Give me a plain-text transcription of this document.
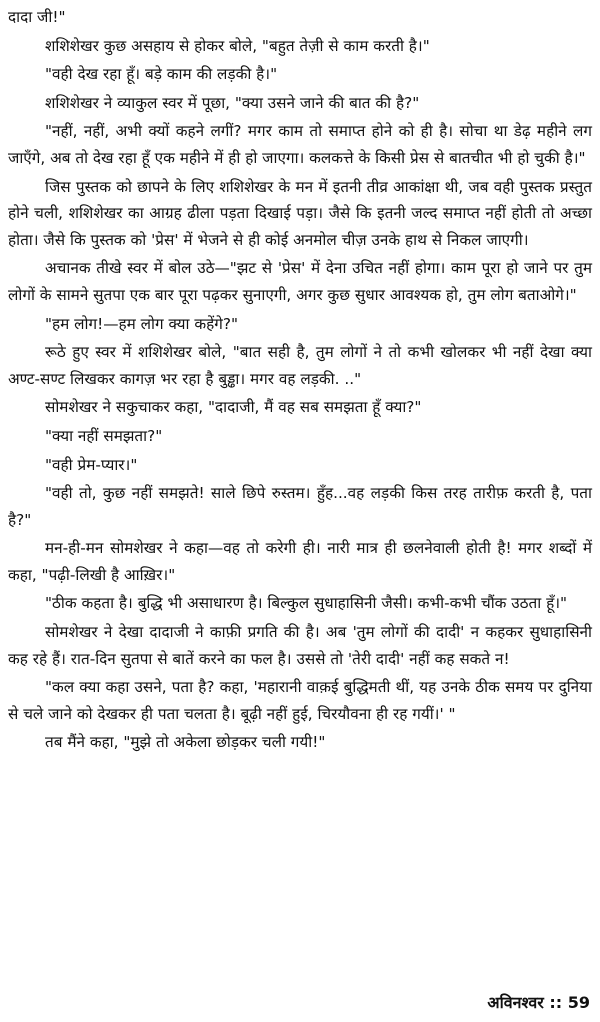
दादा जी!"

शशिशेखर कुछ असहाय से होकर बोले, "बहुत तेज़ी से काम करती है।"

"वही देख रहा हूँ। बड़े काम की लड़की है।"

शशिशेखर ने व्याकुल स्वर में पूछा, "क्या उसने जाने की बात की है?"

"नहीं, नहीं, अभी क्यों कहने लगीं? मगर काम तो समाप्त होने को ही है। सोचा था डेढ़ महीने लग जाएँगे, अब तो देख रहा हूँ एक महीने में ही हो जाएगा। कलकत्ते के किसी प्रेस से बातचीत भी हो चुकी है।"

जिस पुस्तक को छापने के लिए शशिशेखर के मन में इतनी तीव्र आकांक्षा थी, जब वही पुस्तक प्रस्तुत होने चली, शशिशेखर का आग्रह ढीला पड़ता दिखाई पड़ा। जैसे कि इतनी जल्द समाप्त नहीं होती तो अच्छा होता। जैसे कि पुस्तक को 'प्रेस' में भेजने से ही कोई अनमोल चीज़ उनके हाथ से निकल जाएगी।

अचानक तीखे स्वर में बोल उठे—"झट से 'प्रेस' में देना उचित नहीं होगा। काम पूरा हो जाने पर तुम लोगों के सामने सुतपा एक बार पूरा पढ़कर सुनाएगी, अगर कुछ सुधार आवश्यक हो, तुम लोग बताओगे।"

"हम लोग!—हम लोग क्या कहेंगे?"

रूठे हुए स्वर में शशिशेखर बोले, "बात सही है, तुम लोगों ने तो कभी खोलकर भी नहीं देखा क्या अण्ट-सण्ट लिखकर कागज़ भर रहा है बुड्ढा। मगर वह लड़की. .."

सोमशेखर ने सकुचाकर कहा, "दादाजी, मैं वह सब समझता हूँ क्या?"

"क्या नहीं समझता?"

"वही प्रेम-प्यार।"

"वही तो, कुछ नहीं समझते! साले छिपे रुस्तम। हुँह...वह लड़की किस तरह तारीफ़ करती है, पता है?"

मन-ही-मन सोमशेखर ने कहा—वह तो करेगी ही। नारी मात्र ही छलनेवाली होती है! मगर शब्दों में कहा, "पढ़ी-लिखी है आख़िर।"

"ठीक कहता है। बुद्धि भी असाधारण है। बिल्कुल सुधाहासिनी जैसी। कभी-कभी चौंक उठता हूँ।"

सोमशेखर ने देखा दादाजी ने काफ़ी प्रगति की है। अब 'तुम लोगों की दादी' न कहकर सुधाहासिनी कह रहे हैं। रात-दिन सुतपा से बातें करने का फल है। उससे तो 'तेरी दादी' नहीं कह सकते न!

"कल क्या कहा उसने, पता है? कहा, 'महारानी वाक़ई बुद्धिमती थीं, यह उनके ठीक समय पर दुनिया से चले जाने को देखकर ही पता चलता है। बूढ़ी नहीं हुई, चिरयौवना ही रह गयीं।' "

तब मैंने कहा, "मुझे तो अकेला छोड़कर चली गयी!"

अविनश्वर :: 59
